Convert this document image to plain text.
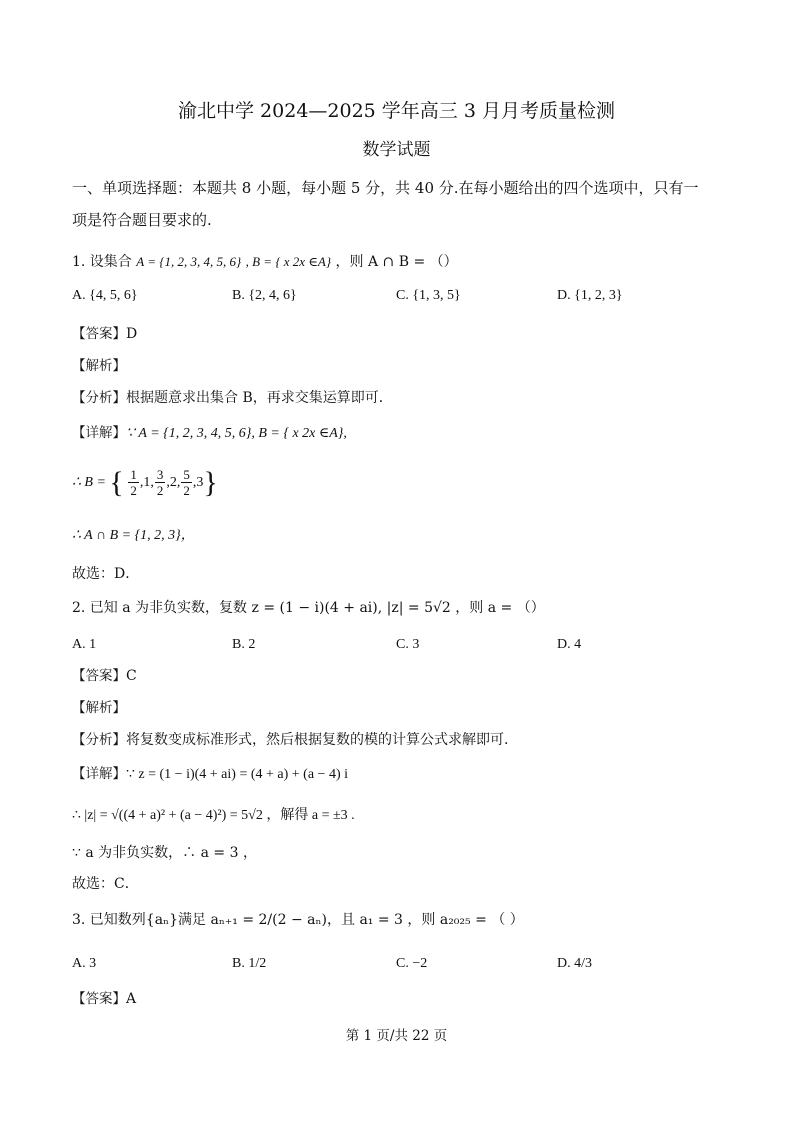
渝北中学 2024—2025 学年高三 3 月月考质量检测
数学试题
一、单项选择题：本题共 8 小题，每小题 5 分，共 40 分.在每小题给出的四个选项中，只有一
项是符合题目要求的.
1. 设集合 A = {1, 2, 3, 4, 5, 6} , B = { x 2x ∈A} ，则 A ∩ B = （）
A. {4, 5, 6}	B. {2, 4, 6}	C. {1, 3, 5}	D. {1, 2, 3}
【答案】D
【解析】
【分析】根据题意求出集合 B，再求交集运算即可．
【详解】∵ A = {1, 2, 3, 4, 5, 6}, B = { x 2x ∈A},
∴ B = { $\frac{1}{2} ,1$, $\frac{3}{2} ,2$, $\frac{5}{2} ,3$}
∴ A ∩ B = {1, 2, 3}，
故选：D．
2. 已知 a 为非负实数，复数 z = (1 − i)(4 + ai), |z| = 5√2 ，则 a = （）
A. 1	B. 2	C. 3	D. 4
【答案】C
【解析】
【分析】将复数变成标准形式，然后根据复数的模的计算公式求解即可.
【详解】∵ z = (1 − i)(4 + ai) = (4 + a) + (a − 4) i
∴ |z| = √((4 + a)² + (a − 4)²) = 5√2 ，解得 a = ±3 .
∵ a 为非负实数，∴ a = 3 ，
故选：C．
3. 已知数列{aₙ}满足 aₙ₊₁ = 2/(2 − aₙ)，且 a₁ = 3 ，则 a₂₀₂₅ = （ ）
A. 3	B. 1/2	C. −2	D. 4/3
【答案】A
第 1 页/共 22 页
